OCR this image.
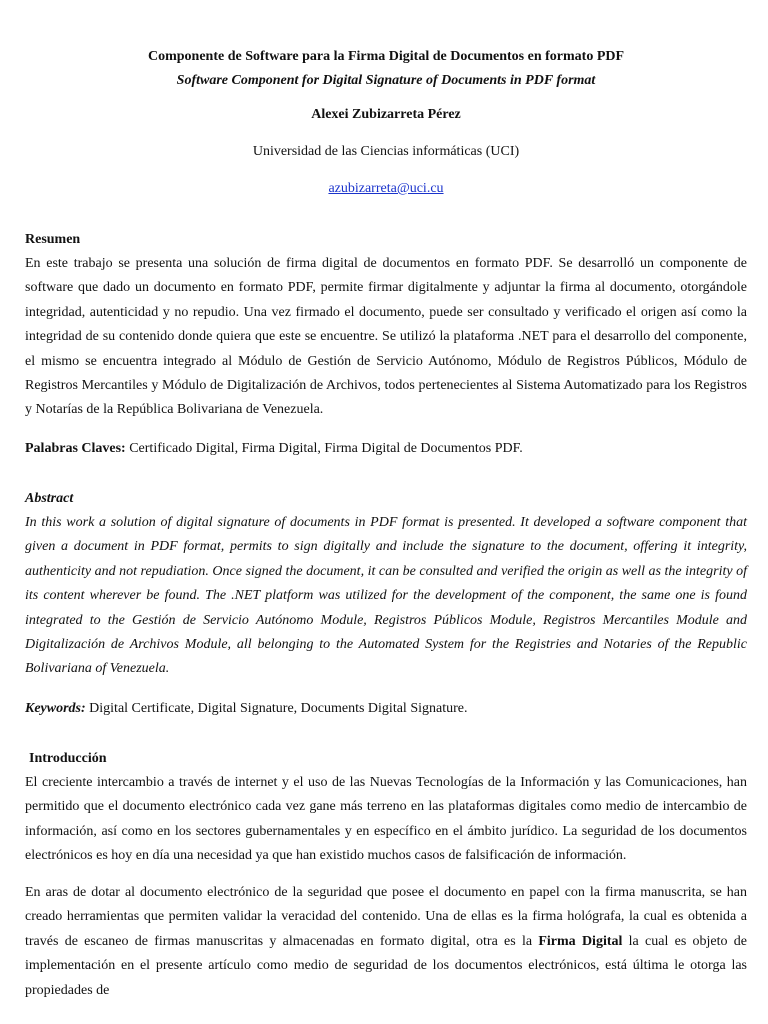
Componente de Software para la Firma Digital de Documentos en formato PDF
Software Component for Digital Signature of Documents in PDF format
Alexei Zubizarreta Pérez
Universidad de las Ciencias informáticas (UCI)
azubizarreta@uci.cu
Resumen
En este trabajo se presenta una solución de firma digital de documentos en formato PDF. Se desarrolló un componente de software que dado un documento en formato PDF, permite firmar digitalmente y adjuntar la firma al documento, otorgándole integridad, autenticidad y no repudio. Una vez firmado el documento, puede ser consultado y verificado el origen así como la integridad de su contenido donde quiera que este se encuentre. Se utilizó la plataforma .NET para el desarrollo del componente, el mismo se encuentra integrado al Módulo de Gestión de Servicio Autónomo, Módulo de Registros Públicos, Módulo de Registros Mercantiles y Módulo de Digitalización de Archivos, todos pertenecientes al Sistema Automatizado para los Registros y Notarías de la República Bolivariana de Venezuela.
Palabras Claves: Certificado Digital, Firma Digital, Firma Digital de Documentos PDF.
Abstract
In this work a solution of digital signature of documents in PDF format is presented. It developed a software component that given a document in PDF format, permits to sign digitally and include the signature to the document, offering it integrity, authenticity and not repudiation. Once signed the document, it can be consulted and verified the origin as well as the integrity of its content wherever be found. The .NET platform was utilized for the development of the component, the same one is found integrated to the Gestión de Servicio Autónomo Module, Registros Públicos Module, Registros Mercantiles Module and Digitalización de Archivos Module, all belonging to the Automated System for the Registries and Notaries of the Republic Bolivariana of Venezuela.
Keywords: Digital Certificate, Digital Signature, Documents Digital Signature.
Introducción
El creciente intercambio a través de internet y el uso de las Nuevas Tecnologías de la Información y las Comunicaciones, han permitido que el documento electrónico cada vez gane más terreno en las plataformas digitales como medio de intercambio de información, así como en los sectores gubernamentales y en específico en el ámbito jurídico. La seguridad de los documentos electrónicos es hoy en día una necesidad ya que han existido muchos casos de falsificación de información.
En aras de dotar al documento electrónico de la seguridad que posee el documento en papel con la firma manuscrita, se han creado herramientas que permiten validar la veracidad del contenido. Una de ellas es la firma hológrafa, la cual es obtenida a través de escaneo de firmas manuscritas y almacenadas en formato digital, otra es la Firma Digital la cual es objeto de implementación en el presente artículo como medio de seguridad de los documentos electrónicos, está última le otorga las propiedades de
